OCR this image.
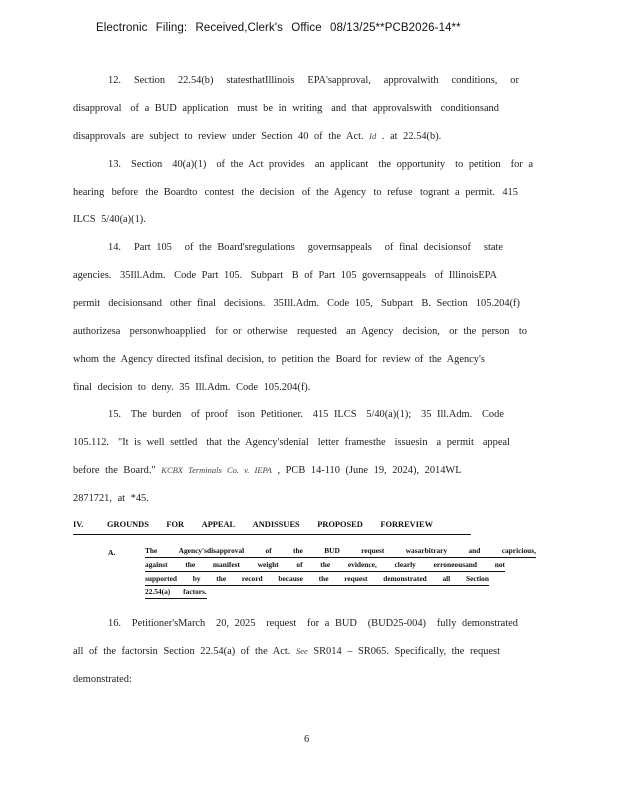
Electronic Filing: Received,Clerk's Office 08/13/25**PCB2026-14**
12. Section 22.54(b) statesthatIllinois EPA'sapproval, approvalwith conditions, or
disapproval of a BUD application must be in writing and that approvalswith conditionsand
disapprovals are subject to review under Section 40 of the Act. Id . at 22.54(b).
13. Section 40(a)(1) of the Act provides an applicant the opportunity to petition for a
hearing before the Boardto contest the decision of the Agency to refuse togrant a permit. 415
ILCS 5/40(a)(1).
14. Part 105 of the Board'sregulations governsappeals of final decisionsof state
agencies. 35Ill.Adm. Code Part 105. Subpart B of Part 105 governsappeals of IllinoisEPA
permit decisionsand other final decisions. 35Ill.Adm. Code 105, Subpart B. Section 105.204(f)
authorizesa personwhoapplied for or otherwise requested an Agency decision, or the person to
whom the Agency directed itsfinal decision, to petition the Board for review of the Agency's
final decision to deny. 35 Ill.Adm. Code 105.204(f).
15. The burden of proof ison Petitioner. 415 ILCS 5/40(a)(1); 35 Ill.Adm. Code
105.112. "It is well settled that the Agency'sdenial letter framesthe issuesin a permit appeal
before the Board." KCBX Terminals Co. v. IEPA , PCB 14-110 (June 19, 2024), 2014WL
2871721, at *45.
IV.	GROUNDS FOR APPEAL ANDISSUES PROPOSED FORREVIEW
A.	The	Agency'sdisapproval	of	the	BUD	request	wasarbitrary	and	capricious,
against the manifest weight of the evidence, clearly erroneousand not
supported by the record because the request demonstrated all Section
22.54(a)       factors.
16. Petitioner'sMarch 20, 2025 request for a BUD (BUD25-004) fully demonstrated
all of the factorsin Section 22.54(a) of the Act. See SR014 – SR065. Specifically, the request
demonstrated:
6
